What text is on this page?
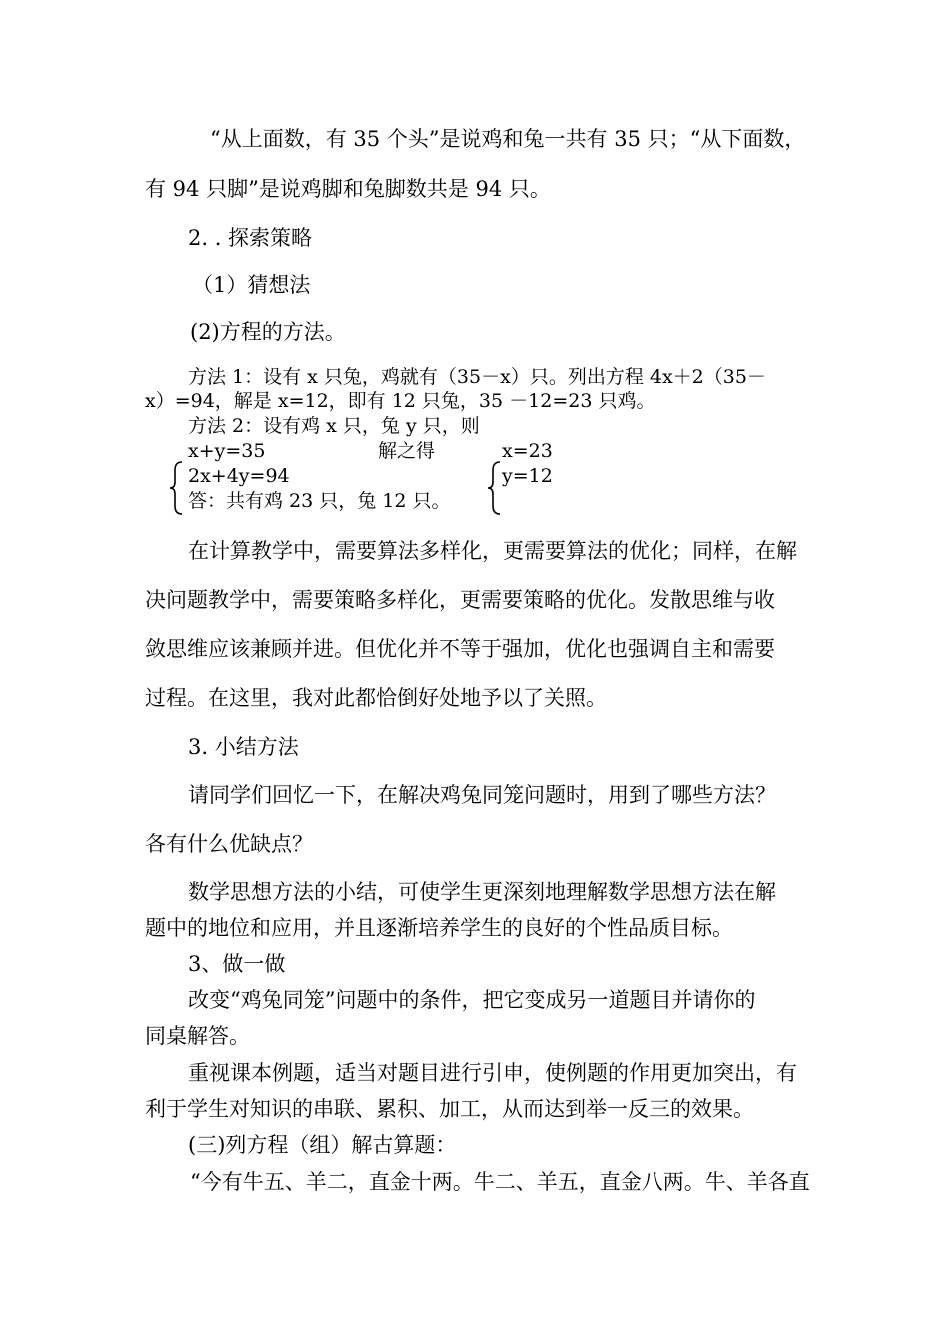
“从上面数，有 35 个头”是说鸡和兔一共有 35 只；“从下面数，
有 94 只脚”是说鸡脚和兔脚数共是 94 只。
2. . 探索策略
（1）猜想法
(2)方程的方法。
方法 1：设有 x 只兔，鸡就有（35－x）只。列出方程 4x＋2（35－
x）=94，解是 x=12，即有 12 只兔，35 －12=23 只鸡。
方法 2：设有鸡 x 只，兔 y 只，则
x+y=35	解之得	x=23
2x+4y=94	y=12
答：共有鸡 23 只，兔 12 只。
在计算教学中，需要算法多样化，更需要算法的优化；同样，在解
决问题教学中，需要策略多样化，更需要策略的优化。发散思维与收
敛思维应该兼顾并进。但优化并不等于强加，优化也强调自主和需要
过程。在这里，我对此都恰倒好处地予以了关照。
3. 小结方法
请同学们回忆一下，在解决鸡兔同笼问题时，用到了哪些方法？
各有什么优缺点？
数学思想方法的小结，可使学生更深刻地理解数学思想方法在解
题中的地位和应用，并且逐渐培养学生的良好的个性品质目标。
3、做一做
改变“鸡兔同笼”问题中的条件，把它变成另一道题目并请你的
同桌解答。
重视课本例题，适当对题目进行引申，使例题的作用更加突出，有
利于学生对知识的串联、累积、加工，从而达到举一反三的效果。
(三)列方程（组）解古算题：
“今有牛五、羊二，直金十两。牛二、羊五，直金八两。牛、羊各直
